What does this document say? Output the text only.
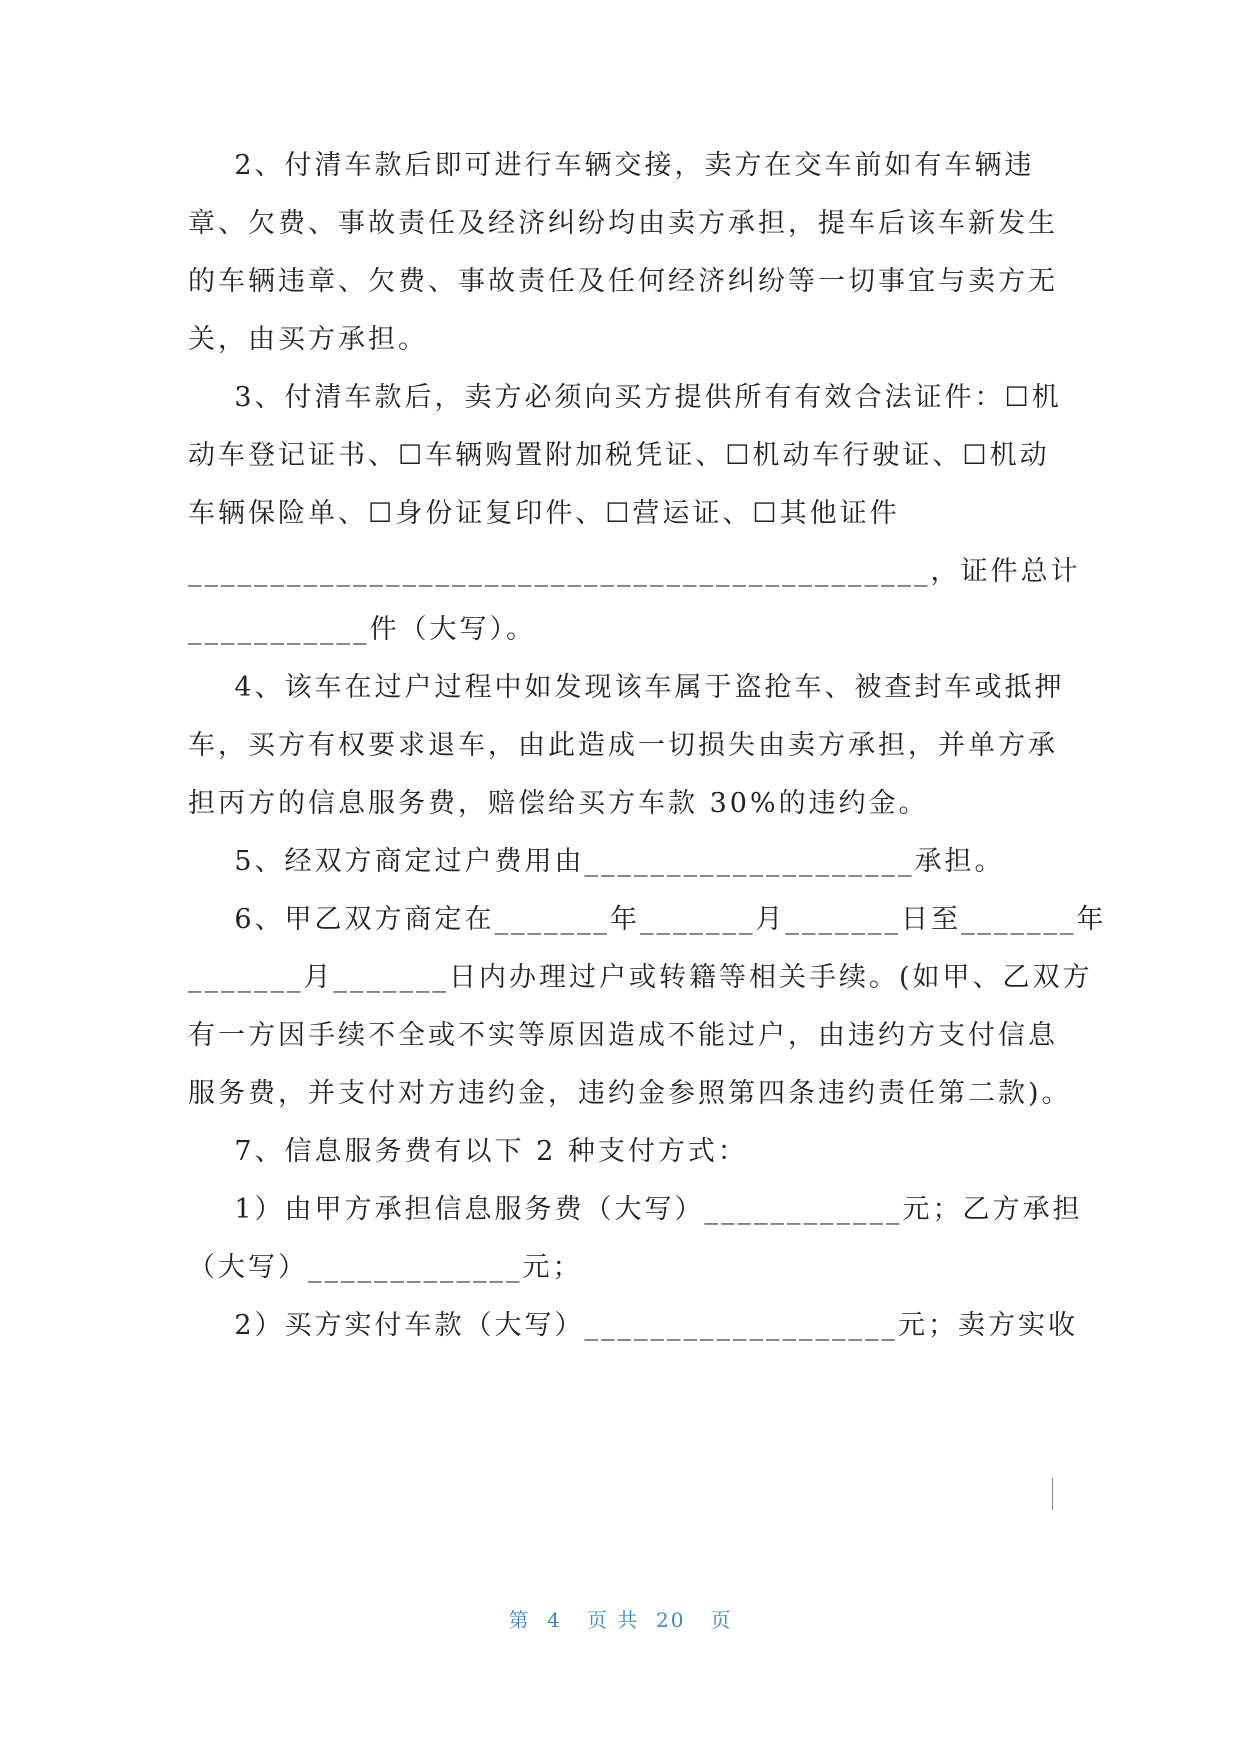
2、付清车款后即可进行车辆交接，卖方在交车前如有车辆违
章、欠费、事故责任及经济纠纷均由卖方承担，提车后该车新发生
的车辆违章、欠费、事故责任及任何经济纠纷等一切事宜与卖方无
关，由买方承担。
3、付清车款后，卖方必须向买方提供所有有效合法证件：☐机
动车登记证书、☐车辆购置附加税凭证、☐机动车行驶证、☐机动
车辆保险单、☐身份证复印件、☐营运证、☐其他证件
_____________________________________________，证件总计
___________件（大写）。
4、该车在过户过程中如发现该车属于盗抢车、被查封车或抵押
车，买方有权要求退车，由此造成一切损失由卖方承担，并单方承
担丙方的信息服务费，赔偿给买方车款 30%的违约金。
5、经双方商定过户费用由____________________承担。
6、甲乙双方商定在_______年_______月_______日至_______年
_______月_______日内办理过户或转籍等相关手续。(如甲、乙双方
有一方因手续不全或不实等原因造成不能过户，由违约方支付信息
服务费，并支付对方违约金，违约金参照第四条违约责任第二款)。
7、信息服务费有以下 2 种支付方式：
1）由甲方承担信息服务费（大写）____________元；乙方承担
（大写）_____________元；
2）买方实付车款（大写）___________________元；卖方实收
第  4   页 共  20   页
